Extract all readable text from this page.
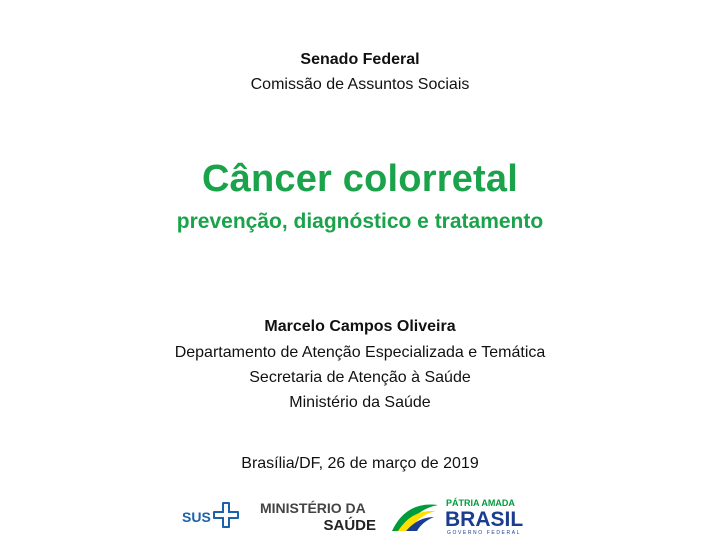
Senado Federal
Comissão de Assuntos Sociais
Câncer colorretal
prevenção, diagnóstico e tratamento
Marcelo Campos Oliveira
Departamento de Atenção Especializada e Temática
Secretaria de Atenção à Saúde
Ministério da Saúde
Brasília/DF, 26 de março de 2019
SUS
MINISTÉRIO DA
SAÚDE
PÁTRIA AMADA
BRASIL
GOVERNO FEDERAL
